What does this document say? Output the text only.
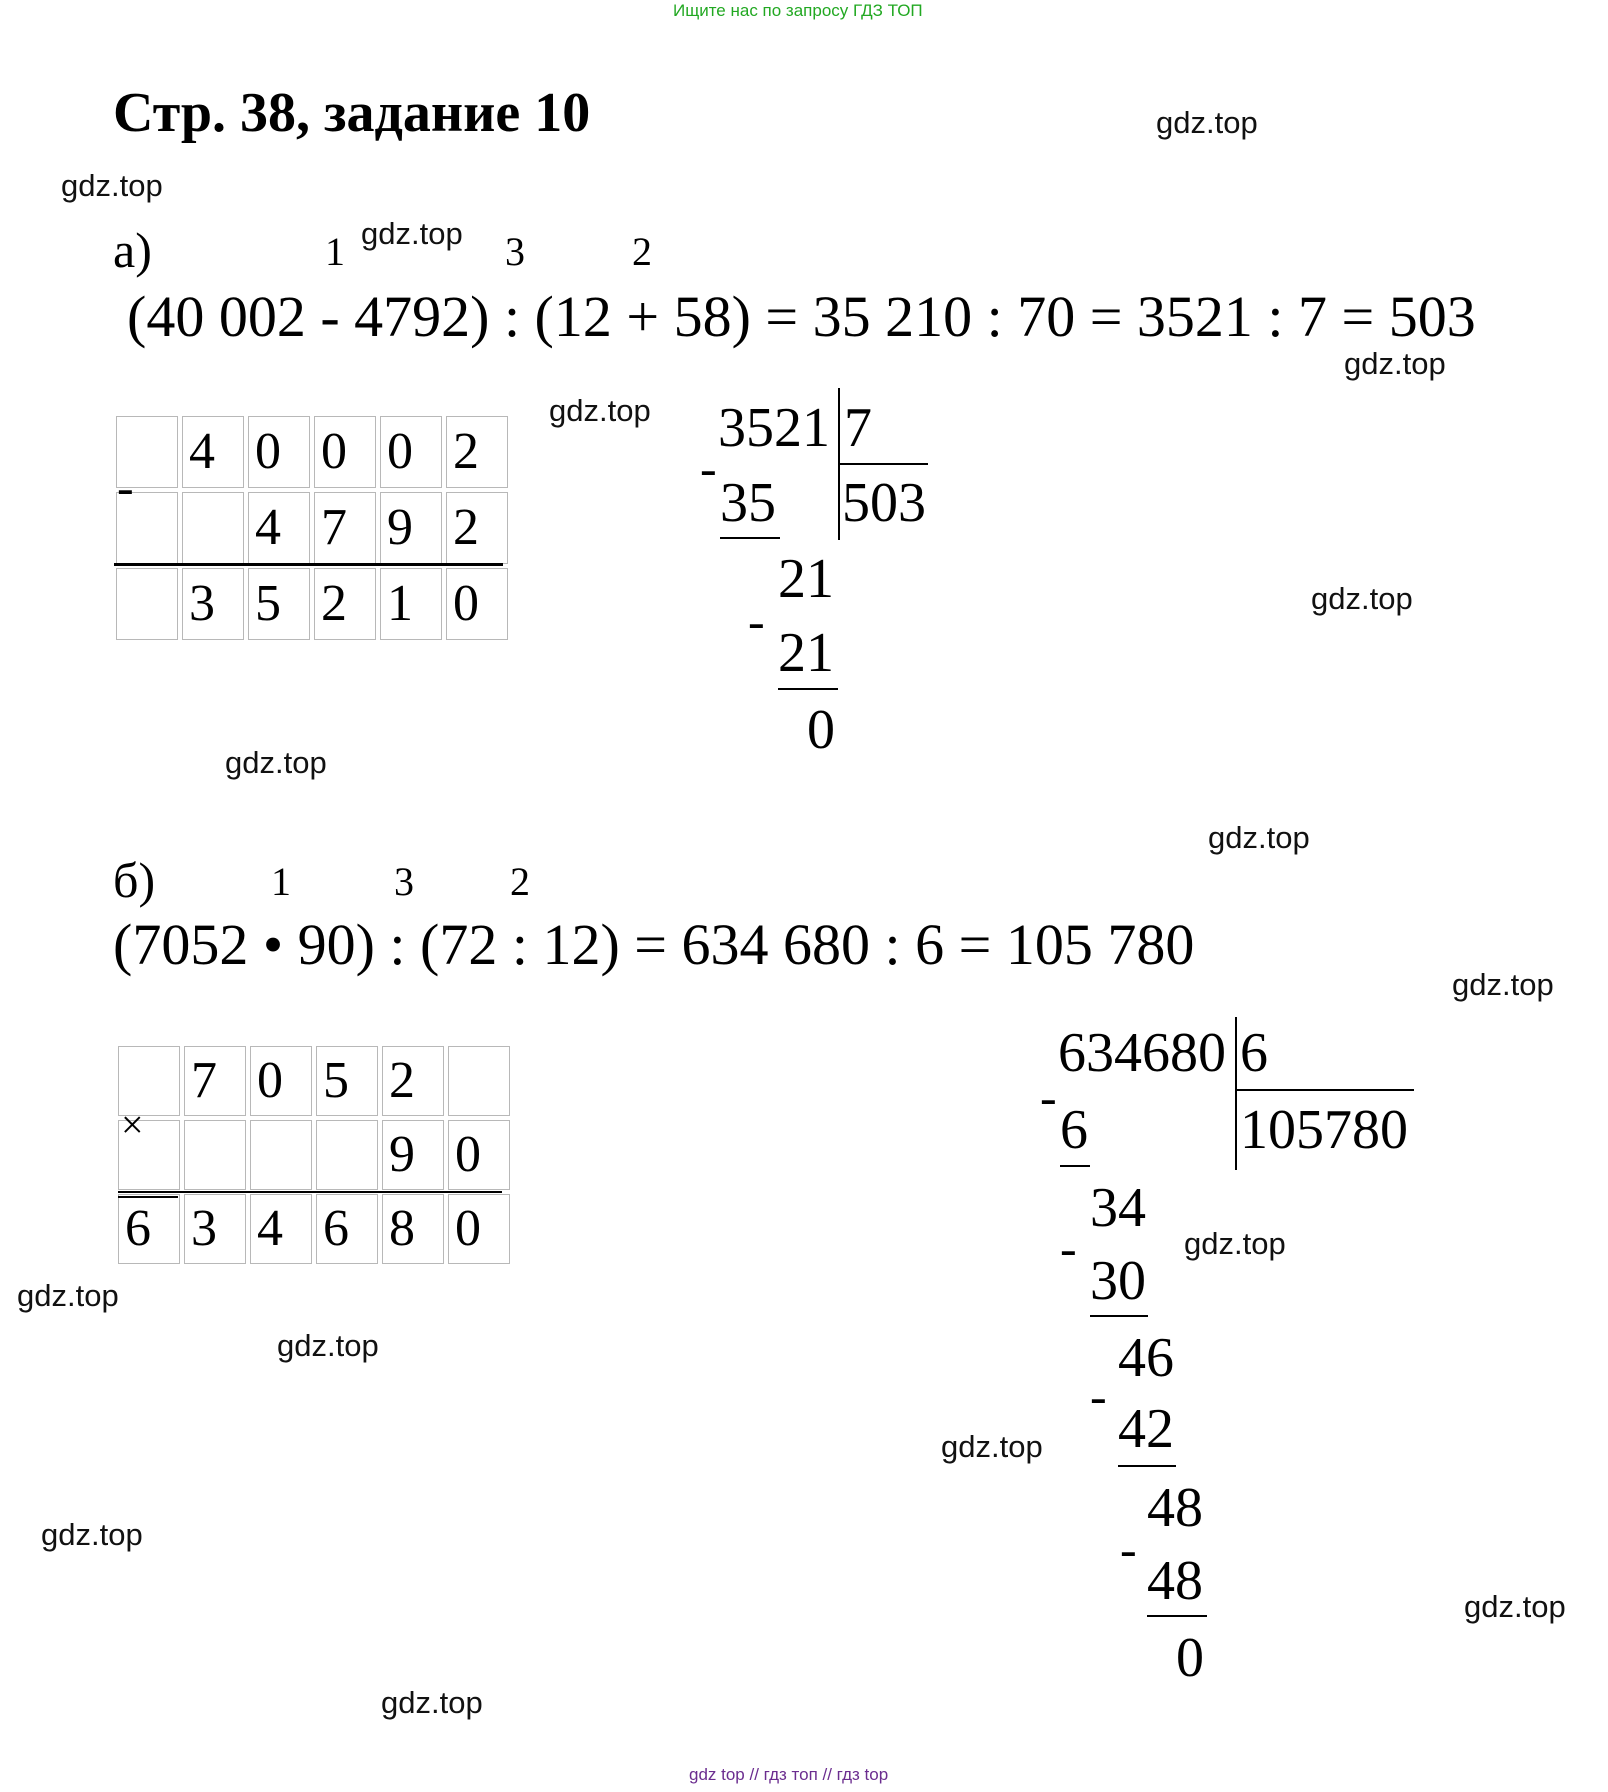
Ищите нас по запросу ГДЗ ТОП
Стр. 38, задание 10	gdz.top
gdz.top
gdz.top
gdz.top
gdz.top
gdz.top
gdz.top
gdz.top
gdz.top
gdz.top
gdz.top
gdz.top
gdz.top
gdz.top
gdz.top
gdz.top
а)	1	3	2
(40 002 - 4792) : (12 + 58) = 35 210 : 70 = 3521 : 7 = 503
	4	0	0	0	2
		4	7	9	2
	3	5	2	1	0
-
3521 7
503
-
35
21
-
21
0
б)	1	3 2
(7052 • 90) : (72 : 12) = 634 680 : 6 = 105 780
	7	0	5	2	
				9	0
6	3	4	6	8	0
×
634680 6
105780
-
6
34
-
30
46
-
42
48
-
48
0
gdz top // гдз топ // гдз top
